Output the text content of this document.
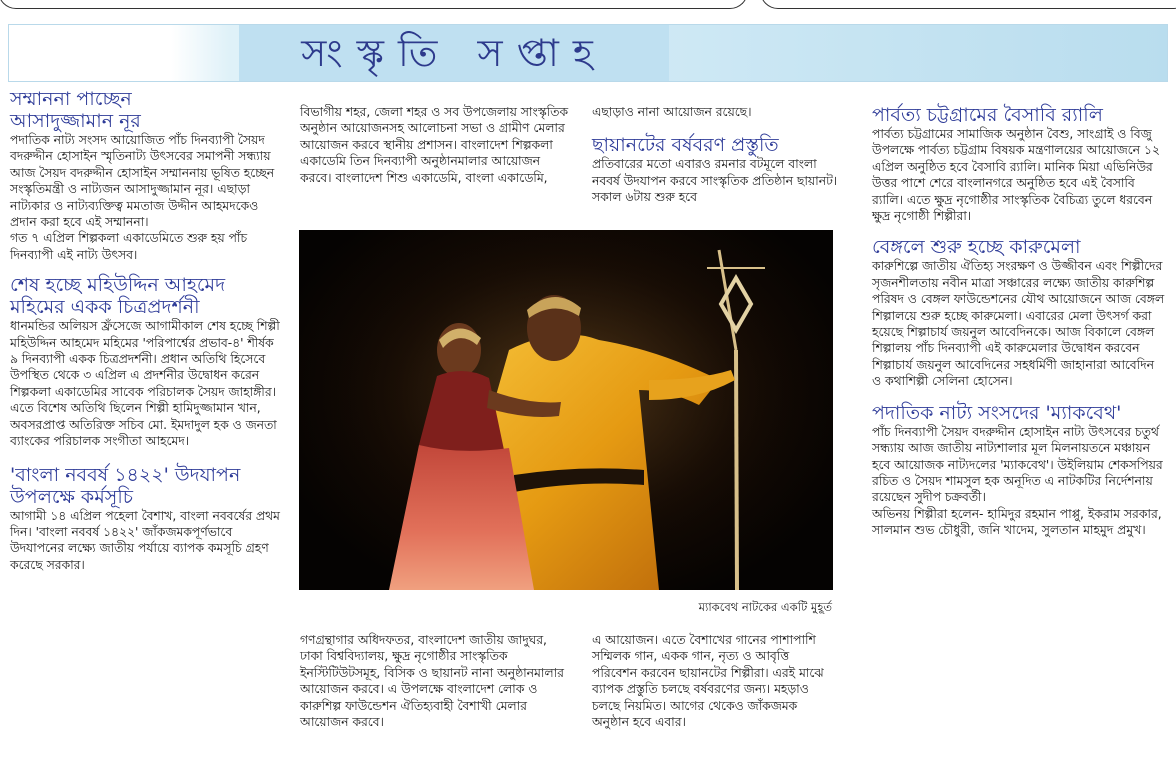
সংস্কৃতি সপ্তাহ
সম্মাননা পাচ্ছেন
আসাদুজ্জামান নূর

পদাতিক নাট্য সংসদ আয়োজিত পাঁচ দিনব্যাপী সৈয়দ বদরুদ্দীন হোসাইন স্মৃতিনাট্য উৎসবের সমাপনী সন্ধ্যায় আজ সৈয়দ বদরুদ্দীন হোসাইন সম্মাননায় ভূষিত হচ্ছেন সংস্কৃতিমন্ত্রী ও নাট্যজন আসাদুজ্জামান নূর। এছাড়া নাট্যকার ও নাট্যব্যক্তিত্ব মমতাজ উদ্দীন আহমদকেও প্রদান করা হবে এই সম্মাননা।

গত ৭ এপ্রিল শিল্পকলা একাডেমিতে শুরু হয় পাঁচ দিনব্যাপী এই নাট্য উৎসব।

শেষ হচ্ছে মহিউদ্দিন আহমেদ
মহিমের একক চিত্রপ্রদর্শনী

ধানমন্ডির অলিয়স ফ্রঁসেজে আগামীকাল শেষ হচ্ছে শিল্পী মহিউদ্দিন আহমেদ মহিমের 'পরিপার্শ্বের প্রভাব-৪' শীর্ষক ৯ দিনব্যাপী একক চিত্রপ্রদর্শনী। প্রধান অতিথি হিসেবে উপস্থিত থেকে ৩ এপ্রিল এ প্রদর্শনীর উদ্বোধন করেন শিল্পকলা একাডেমির সাবেক পরিচালক সৈয়দ জাহাঙ্গীর। এতে বিশেষ অতিথি ছিলেন শিল্পী হামিদুজ্জামান খান, অবসরপ্রাপ্ত অতিরিক্ত সচিব মো. ইমদাদুল হক ও জনতা ব্যাংকের পরিচালক সংগীতা আহমেদ।

'বাংলা নববর্ষ ১৪২২' উদযাপন
উপলক্ষে কর্মসূচি

আগামী ১৪ এপ্রিল পহেলা বৈশাখ, বাংলা নববর্ষের প্রথম দিন। 'বাংলা নববর্ষ ১৪২২' জাঁকজমকপূর্ণভাবে উদযাপনের লক্ষ্যে জাতীয় পর্যায়ে ব্যাপক কমসূচি গ্রহণ করেছে সরকার।

বিভাগীয় শহর, জেলা শহর ও সব উপজেলায় সাংস্কৃতিক অনুষ্ঠান আয়োজনসহ আলোচনা সভা ও গ্রামীণ মেলার আয়োজন করবে স্থানীয় প্রশাসন। বাংলাদেশ শিল্পকলা একাডেমি তিন দিনব্যাপী অনুষ্ঠানমালার আয়োজন করবে। বাংলাদেশ শিশু একাডেমি, বাংলা একাডেমি,

এছাড়াও নানা আয়োজন রয়েছে।

ছায়ানটের বর্ষবরণ প্রস্তুতি

প্রতিবারের মতো এবারও রমনার বটমূলে বাংলা নববর্ষ উদযাপন করবে সাংস্কৃতিক প্রতিষ্ঠান ছায়ানট। সকাল ৬টায় শুরু হবে

ম্যাকবেথ নাটকের একটি মুহূর্ত

গণগ্রন্থাগার অধিদফতর, বাংলাদেশ জাতীয় জাদুঘর, ঢাকা বিশ্ববিদ্যালয়, ক্ষুদ্র নৃগোষ্ঠীর সাংস্কৃতিক ইনস্টিটিউটসমূহ, বিসিক ও ছায়ানট নানা অনুষ্ঠানমালার আয়োজন করবে। এ উপলক্ষে বাংলাদেশ লোক ও কারুশিল্প ফাউন্ডেশন ঐতিহ্যবাহী বৈশাখী মেলার আয়োজন করবে।

এ আয়োজন। এতে বৈশাখের গানের পাশাপাশি সম্মিলক গান, একক গান, নৃত্য ও আবৃত্তি পরিবেশন করবেন ছায়ানটের শিল্পীরা। এরই মাঝে ব্যাপক প্রস্তুতি চলছে বর্ষবরণের জন্য। মহড়াও চলছে নিয়মিত। আগের থেকেও জাঁকজমক অনুষ্ঠান হবে এবার।

পার্বত্য চট্টগ্রামের বৈসাবি র‍্যালি

পার্বত্য চট্টগ্রামের সামাজিক অনুষ্ঠান বৈশু, সাংগ্রাই ও বিজু উপলক্ষে পার্বত্য চট্টগ্রাম বিষয়ক মন্ত্রণালয়ের আয়োজনে ১২ এপ্রিল অনুষ্ঠিত হবে বৈসাবি র‍্যালি। মানিক মিয়া এভিনিউর উত্তর পাশে শেরে বাংলানগরে অনুষ্ঠিত হবে এই বৈসাবি র‍্যালি। এতে ক্ষুদ্র নৃগোষ্ঠীর সাংস্কৃতিক বৈচিত্র্য তুলে ধরবেন ক্ষুদ্র নৃগোষ্ঠী শিল্পীরা।

বেঙ্গলে শুরু হচ্ছে কারুমেলা

কারুশিল্পে জাতীয় ঐতিহ্য সংরক্ষণ ও উজ্জীবন এবং শিল্পীদের সৃজনশীলতায় নবীন মাত্রা সঞ্চারের লক্ষ্যে জাতীয় কারুশিল্প পরিষদ ও বেঙ্গল ফাউন্ডেশনের যৌথ আয়োজনে আজ বেঙ্গল শিল্পালয়ে শুরু হচ্ছে কারুমেলা। এবারের মেলা উৎসর্গ করা হয়েছে শিল্পাচার্য জয়নুল আবেদিনকে। আজ বিকালে বেঙ্গল শিল্পালয় পাঁচ দিনব্যাপী এই কারুমেলার উদ্বোধন করবেন শিল্পাচার্য জয়নুল আবেদিনের সহধর্মিণী জাহানারা আবেদিন ও কথাশিল্পী সেলিনা হোসেন।

পদাতিক নাট্য সংসদের 'ম্যাকবেথ'

পাঁচ দিনব্যাপী সৈয়দ বদরুদ্দীন হোসাইন নাট্য উৎসবের চতুর্থ সন্ধ্যায় আজ জাতীয় নাট্যশালার মূল মিলনায়তনে মঞ্চায়ন হবে আয়োজক নাট্যদলের 'ম্যাকবেথ'। উইলিয়াম শেকসপিয়র রচিত ও সৈয়দ শামসুল হক অনূদিত এ নাটকটির নির্দেশনায় রয়েছেন সুদীপ চক্রবর্তী।

অভিনয় শিল্পীরা হলেন- হামিদুর রহমান পাপ্পু, ইকরাম সরকার, সালমান শুভ চৌধুরী, জনি খাদেম, সুলতান মাহমুদ প্রমুখ।
